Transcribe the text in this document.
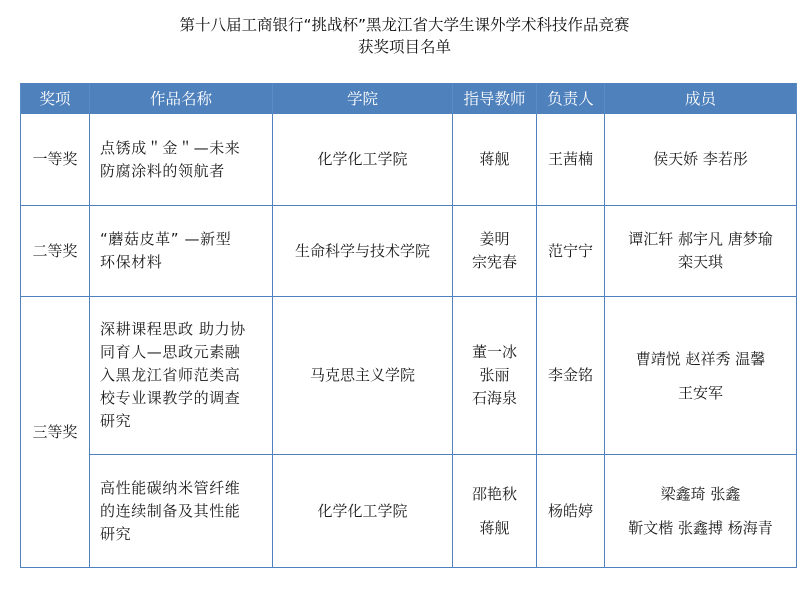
第十八届工商银行“挑战杯”黑龙江省大学生课外学术科技作品竞赛
获奖项目名单
奖项	作品名称	学院	指导教师	负责人	成员
一等奖	点锈成＂金＂—未来
防腐涂料的领航者	化学化工学院	蒋舰	王茜楠	侯天娇 李若彤

二等奖	“蘑菇皮革” —新型
环保材料	生命科学与技术学院	姜明
宗宪春	范宁宁	谭汇轩 郝宇凡 唐梦瑜
栾天琪

三等奖	深耕课程思政 助力协
同育人—思政元素融
入黑龙江省师范类高
校专业课教学的调查
研究	马克思主义学院	董一冰
张丽
石海泉	李金铭	曹靖悦 赵祥秀 温馨
王安军

	高性能碳纳米管纤维
的连续制备及其性能
研究	化学化工学院	邵艳秋
蒋舰	杨皓婷	梁鑫琦 张鑫
靳文楷 张鑫搏 杨海青
